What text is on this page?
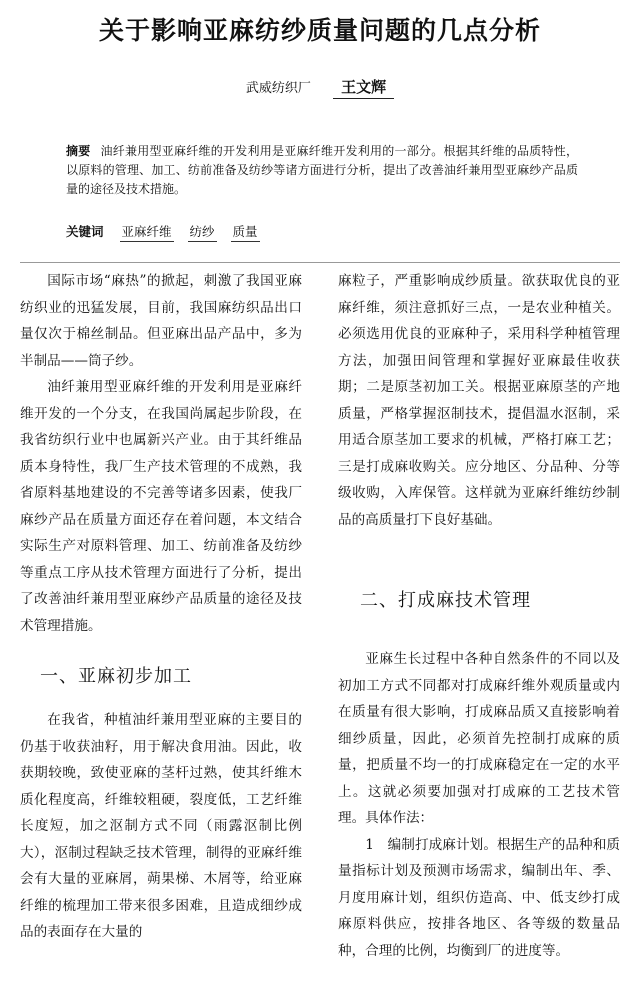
关于影响亚麻纺纱质量问题的几点分析
武威纺织厂 王文辉
摘要 油纤兼用型亚麻纤维的开发利用是亚麻纤维开发利用的一部分。根据其纤维的品质特性，以原料的管理、加工、纺前准备及纺纱等诸方面进行分析，提出了改善油纤兼用型亚麻纱产品质量的途径及技术措施。
关键词 亚麻纤维 纺纱 质量

国际市场“麻热”的掀起，刺激了我国亚麻纺织业的迅猛发展，目前，我国麻纺织品出口量仅次于棉丝制品。但亚麻出品产品中，多为半制品——筒子纱。

油纤兼用型亚麻纤维的开发利用是亚麻纤维开发的一个分支，在我国尚属起步阶段，在我省纺织行业中也属新兴产业。由于其纤维品质本身特性，我厂生产技术管理的不成熟，我省原料基地建设的不完善等诸多因素，使我厂麻纱产品在质量方面还存在着问题，本文结合实际生产对原料管理、加工、纺前准备及纺纱等重点工序从技术管理方面进行了分析，提出了改善油纤兼用型亚麻纱产品质量的途径及技术管理措施。

一、亚麻初步加工

在我省，种植油纤兼用型亚麻的主要目的仍基于收获油籽，用于解决食用油。因此，收获期较晚，致使亚麻的茎杆过熟，使其纤维木质化程度高，纤维较粗硬，裂度低，工艺纤维长度短，加之沤制方式不同（雨露沤制比例大），沤制过程缺乏技术管理，制得的亚麻纤维会有大量的亚麻屑，蒴果梯、木屑等，给亚麻纤维的梳理加工带来很多困难，且造成细纱成品的表面存在大量的

麻粒子，严重影响成纱质量。欲获取优良的亚麻纤维，须注意抓好三点，一是农业种植关。必须选用优良的亚麻种子，采用科学种植管理方法，加强田间管理和掌握好亚麻最佳收获期；二是原茎初加工关。根据亚麻原茎的产地质量，严格掌握沤制技术，提倡温水沤制，采用适合原茎加工要求的机械，严格打麻工艺；三是打成麻收购关。应分地区、分品种、分等级收购，入库保管。这样就为亚麻纤维纺纱制品的高质量打下良好基础。

二、打成麻技术管理

亚麻生长过程中各种自然条件的不同以及初加工方式不同都对打成麻纤维外观质量或内在质量有很大影响，打成麻品质又直接影响着细纱质量，因此，必须首先控制打成麻的质量，把质量不均一的打成麻稳定在一定的水平上。这就必须要加强对打成麻的工艺技术管理。具体作法：

1　编制打成麻计划。根据生产的品种和质量指标计划及预测市场需求，编制出年、季、月度用麻计划，组织仿造高、中、低支纱打成麻原料供应，按排各地区、各等级的数量品种，合理的比例，均衡到厂的进度等。
